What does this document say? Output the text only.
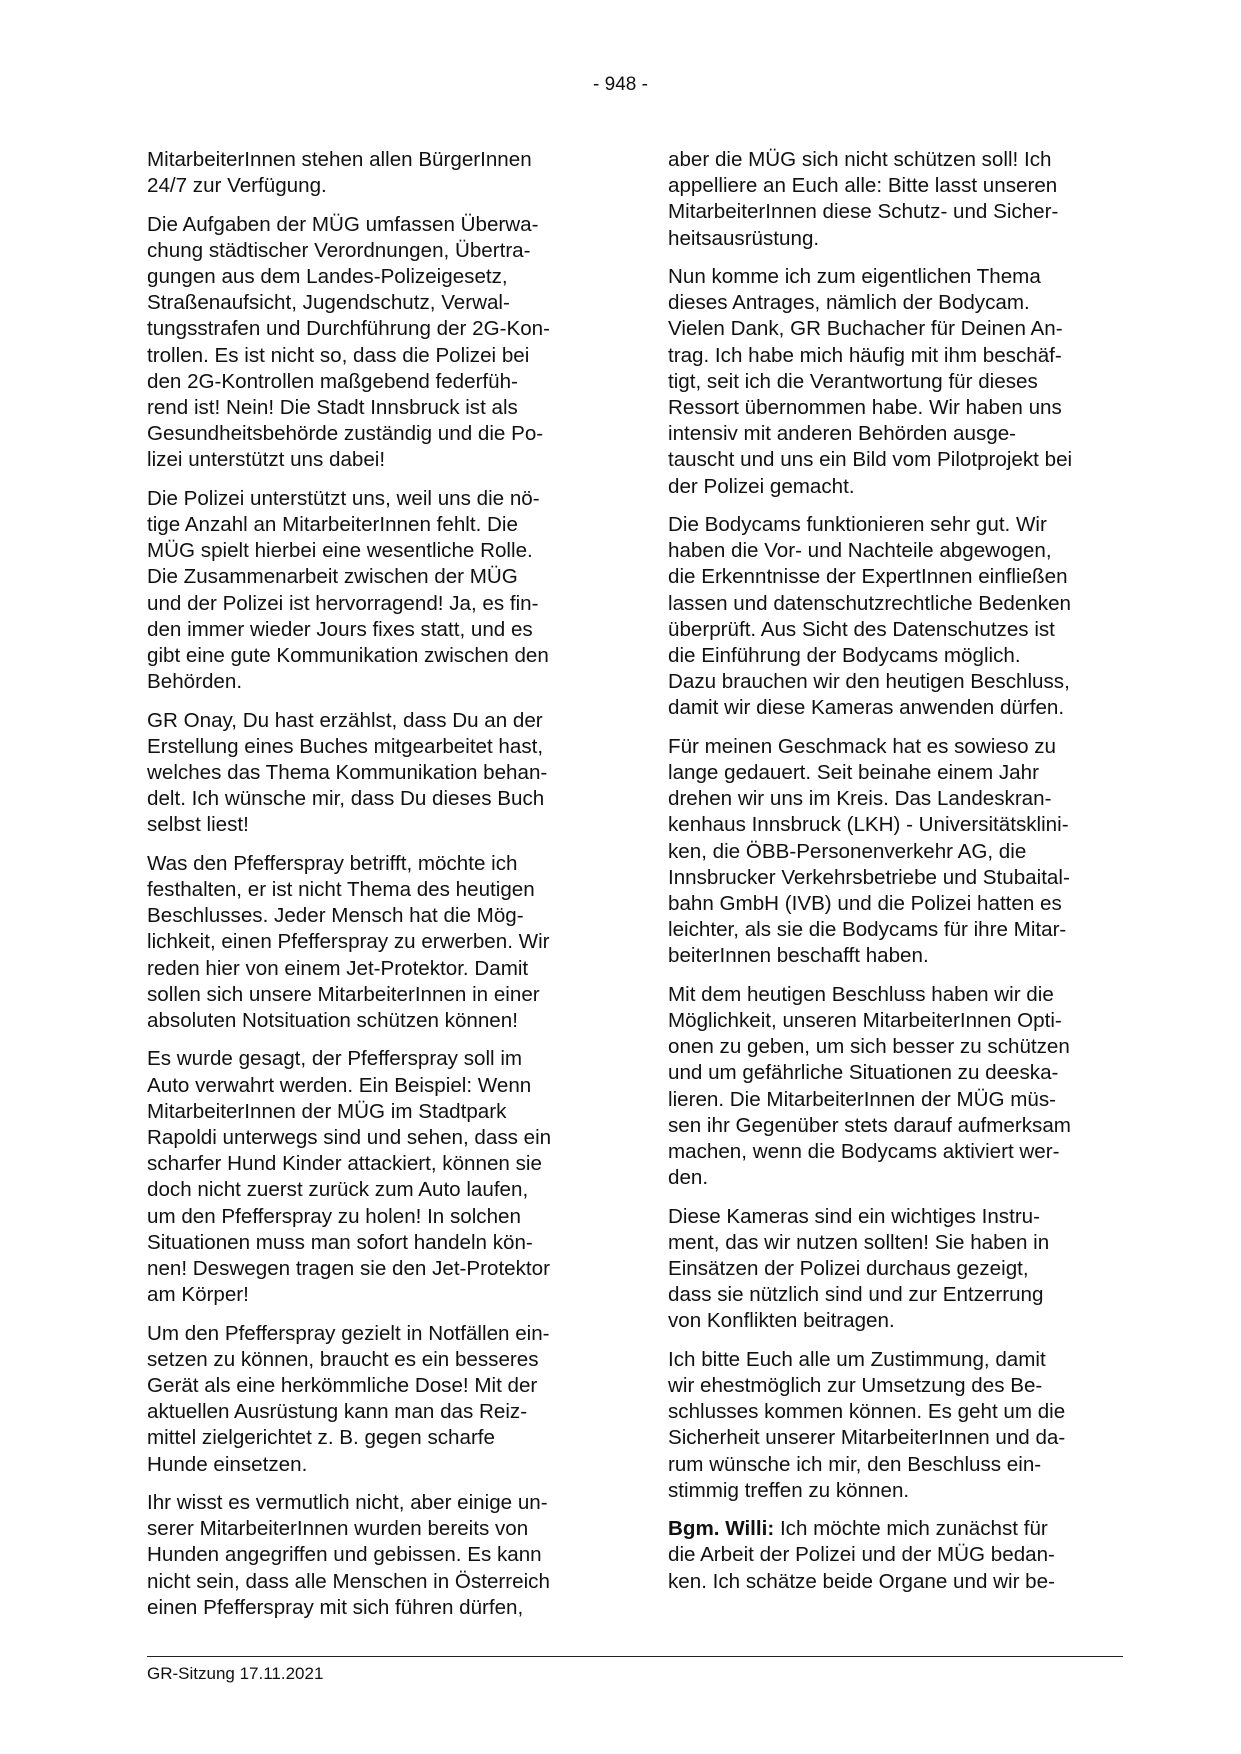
- 948 -

MitarbeiterInnen stehen allen BürgerInnen
24/7 zur Verfügung.

Die Aufgaben der MÜG umfassen Überwa-
chung städtischer Verordnungen, Übertra-
gungen aus dem Landes-Polizeigesetz,
Straßenaufsicht, Jugendschutz, Verwal-
tungsstrafen und Durchführung der 2G-Kon-
trollen. Es ist nicht so, dass die Polizei bei
den 2G-Kontrollen maßgebend federfüh-
rend ist! Nein! Die Stadt Innsbruck ist als
Gesundheitsbehörde zuständig und die Po-
lizei unterstützt uns dabei!

Die Polizei unterstützt uns, weil uns die nö-
tige Anzahl an MitarbeiterInnen fehlt. Die
MÜG spielt hierbei eine wesentliche Rolle.
Die Zusammenarbeit zwischen der MÜG
und der Polizei ist hervorragend! Ja, es fin-
den immer wieder Jours fixes statt, und es
gibt eine gute Kommunikation zwischen den
Behörden.

GR Onay, Du hast erzählst, dass Du an der
Erstellung eines Buches mitgearbeitet hast,
welches das Thema Kommunikation behan-
delt. Ich wünsche mir, dass Du dieses Buch
selbst liest!

Was den Pfefferspray betrifft, möchte ich
festhalten, er ist nicht Thema des heutigen
Beschlusses. Jeder Mensch hat die Mög-
lichkeit, einen Pfefferspray zu erwerben. Wir
reden hier von einem Jet-Protektor. Damit
sollen sich unsere MitarbeiterInnen in einer
absoluten Notsituation schützen können!

Es wurde gesagt, der Pfefferspray soll im
Auto verwahrt werden. Ein Beispiel: Wenn
MitarbeiterInnen der MÜG im Stadtpark
Rapoldi unterwegs sind und sehen, dass ein
scharfer Hund Kinder attackiert, können sie
doch nicht zuerst zurück zum Auto laufen,
um den Pfefferspray zu holen! In solchen
Situationen muss man sofort handeln kön-
nen! Deswegen tragen sie den Jet-Protektor
am Körper!

Um den Pfefferspray gezielt in Notfällen ein-
setzen zu können, braucht es ein besseres
Gerät als eine herkömmliche Dose! Mit der
aktuellen Ausrüstung kann man das Reiz-
mittel zielgerichtet z. B. gegen scharfe
Hunde einsetzen.

Ihr wisst es vermutlich nicht, aber einige un-
serer MitarbeiterInnen wurden bereits von
Hunden angegriffen und gebissen. Es kann
nicht sein, dass alle Menschen in Österreich
einen Pfefferspray mit sich führen dürfen,

aber die MÜG sich nicht schützen soll! Ich
appelliere an Euch alle: Bitte lasst unseren
MitarbeiterInnen diese Schutz- und Sicher-
heitsausrüstung.

Nun komme ich zum eigentlichen Thema
dieses Antrages, nämlich der Bodycam.
Vielen Dank, GR Buchacher für Deinen An-
trag. Ich habe mich häufig mit ihm beschäf-
tigt, seit ich die Verantwortung für dieses
Ressort übernommen habe. Wir haben uns
intensiv mit anderen Behörden ausge-
tauscht und uns ein Bild vom Pilotprojekt bei
der Polizei gemacht.

Die Bodycams funktionieren sehr gut. Wir
haben die Vor- und Nachteile abgewogen,
die Erkenntnisse der ExpertInnen einfließen
lassen und datenschutzrechtliche Bedenken
überprüft. Aus Sicht des Datenschutzes ist
die Einführung der Bodycams möglich.
Dazu brauchen wir den heutigen Beschluss,
damit wir diese Kameras anwenden dürfen.

Für meinen Geschmack hat es sowieso zu
lange gedauert. Seit beinahe einem Jahr
drehen wir uns im Kreis. Das Landeskran-
kenhaus Innsbruck (LKH) - Universitätsklini-
ken, die ÖBB-Personenverkehr AG, die
Innsbrucker Verkehrsbetriebe und Stubaital-
bahn GmbH (IVB) und die Polizei hatten es
leichter, als sie die Bodycams für ihre Mitar-
beiterInnen beschafft haben.

Mit dem heutigen Beschluss haben wir die
Möglichkeit, unseren MitarbeiterInnen Opti-
onen zu geben, um sich besser zu schützen
und um gefährliche Situationen zu deeska-
lieren. Die MitarbeiterInnen der MÜG müs-
sen ihr Gegenüber stets darauf aufmerksam
machen, wenn die Bodycams aktiviert wer-
den.

Diese Kameras sind ein wichtiges Instru-
ment, das wir nutzen sollten! Sie haben in
Einsätzen der Polizei durchaus gezeigt,
dass sie nützlich sind und zur Entzerrung
von Konflikten beitragen.

Ich bitte Euch alle um Zustimmung, damit
wir ehestmöglich zur Umsetzung des Be-
schlusses kommen können. Es geht um die
Sicherheit unserer MitarbeiterInnen und da-
rum wünsche ich mir, den Beschluss ein-
stimmig treffen zu können.

Bgm. Willi: Ich möchte mich zunächst für
die Arbeit der Polizei und der MÜG bedan-
ken. Ich schätze beide Organe und wir be-

GR-Sitzung 17.11.2021
